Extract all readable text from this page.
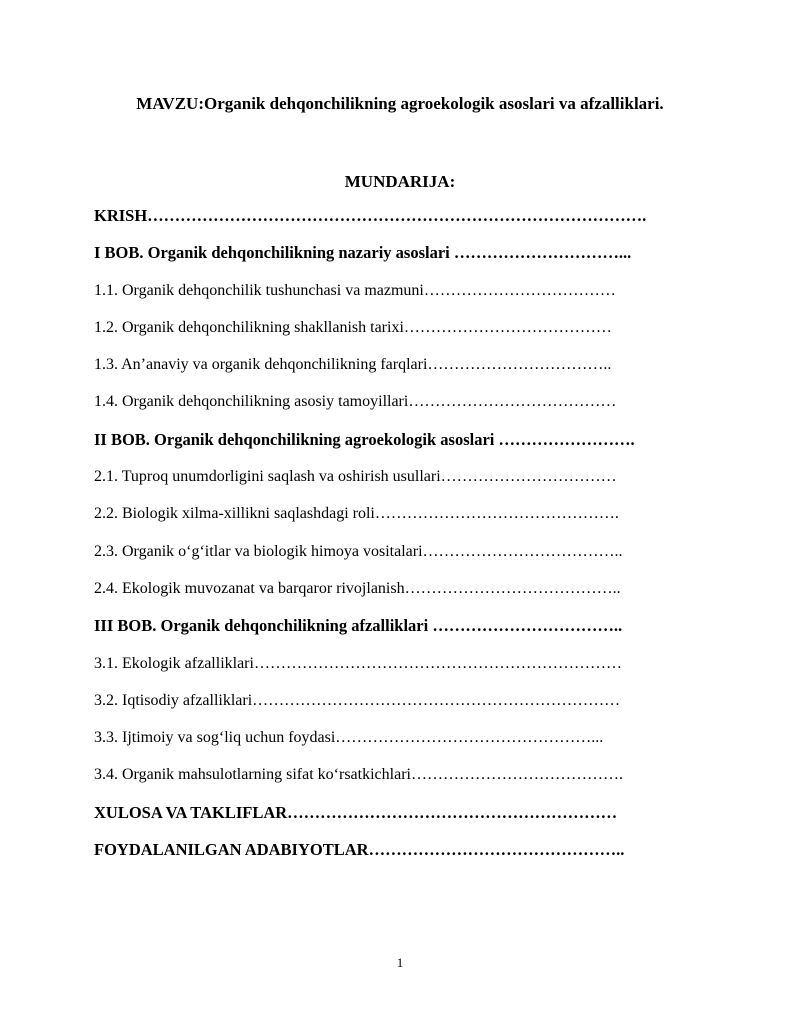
MAVZU:Organik dehqonchilikning agroekologik asoslari va afzalliklari.
MUNDARIJA:
KRISH……………………………………………………………………………….
I BOB. Organik dehqonchilikning nazariy asoslari …………………………...
1.1. Organik dehqonchilik tushunchasi va mazmuni………………………………
1.2. Organik dehqonchilikning shakllanish tarixi…………………………………
1.3. An’anaviy va organik dehqonchilikning farqlari……………………………..
1.4. Organik dehqonchilikning asosiy tamoyillari…………………………………
II BOB. Organik dehqonchilikning agroekologik asoslari …………………….
2.1. Tuproq unumdorligini saqlash va oshirish usullari……………………………
2.2. Biologik xilma-xillikni saqlashdagi roli……………………………………….
2.3. Organik o‘g‘itlar va biologik himoya vositalari………………………………..
2.4. Ekologik muvozanat va barqaror rivojlanish…………………………………..
III BOB. Organik dehqonchilikning afzalliklari ……………………………..
3.1. Ekologik afzalliklari……………………………………………………………
3.2. Iqtisodiy afzalliklari……………………………………………………………
3.3. Ijtimoiy va sog‘liq uchun foydasi…………………………………………...
3.4. Organik mahsulotlarning sifat ko‘rsatkichlari………………………………….
XULOSA VA TAKLIFLAR……………………………………………………
FOYDALANILGAN ADABIYOTLAR………………………………………..
1
